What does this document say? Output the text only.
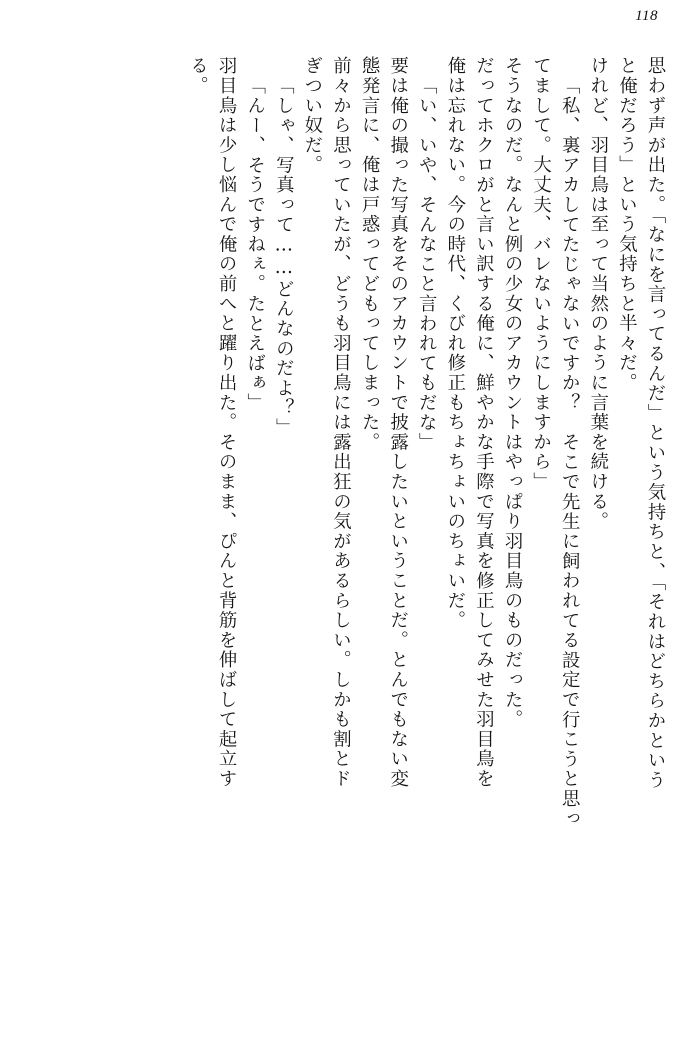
118
思わず声が出た。「なにを言ってるんだ」という気持ちと、「それはどちらかという
と俺だろう」という気持ちと半々だ。
けれど、羽目鳥は至って当然のように言葉を続ける。
「私、裏アカしてたじゃないですか？　そこで先生に飼われてる設定で行こうと思っ
てまして。大丈夫、バレないようにしますから」
そうなのだ。なんと例の少女のアカウントはやっぱり羽目鳥のものだった。
だってホクロがと言い訳する俺に、鮮やかな手際で写真を修正してみせた羽目鳥を
俺は忘れない。今の時代、くびれ修正もちょちょいのちょいだ。
「い、いや、そんなこと言われてもだな」
要は俺の撮った写真をそのアカウントで披露したいということだ。とんでもない変
態発言に、俺は戸惑ってどもってしまった。
前々から思っていたが、どうも羽目鳥には露出狂の気があるらしい。しかも割とド
ぎつい奴だ。
「しゃ、写真って……どんなのだよ？」
「んー、そうですねぇ。たとえばぁ」
羽目鳥は少し悩んで俺の前へと躍り出た。そのまま、ぴんと背筋を伸ばして起立す
る。
